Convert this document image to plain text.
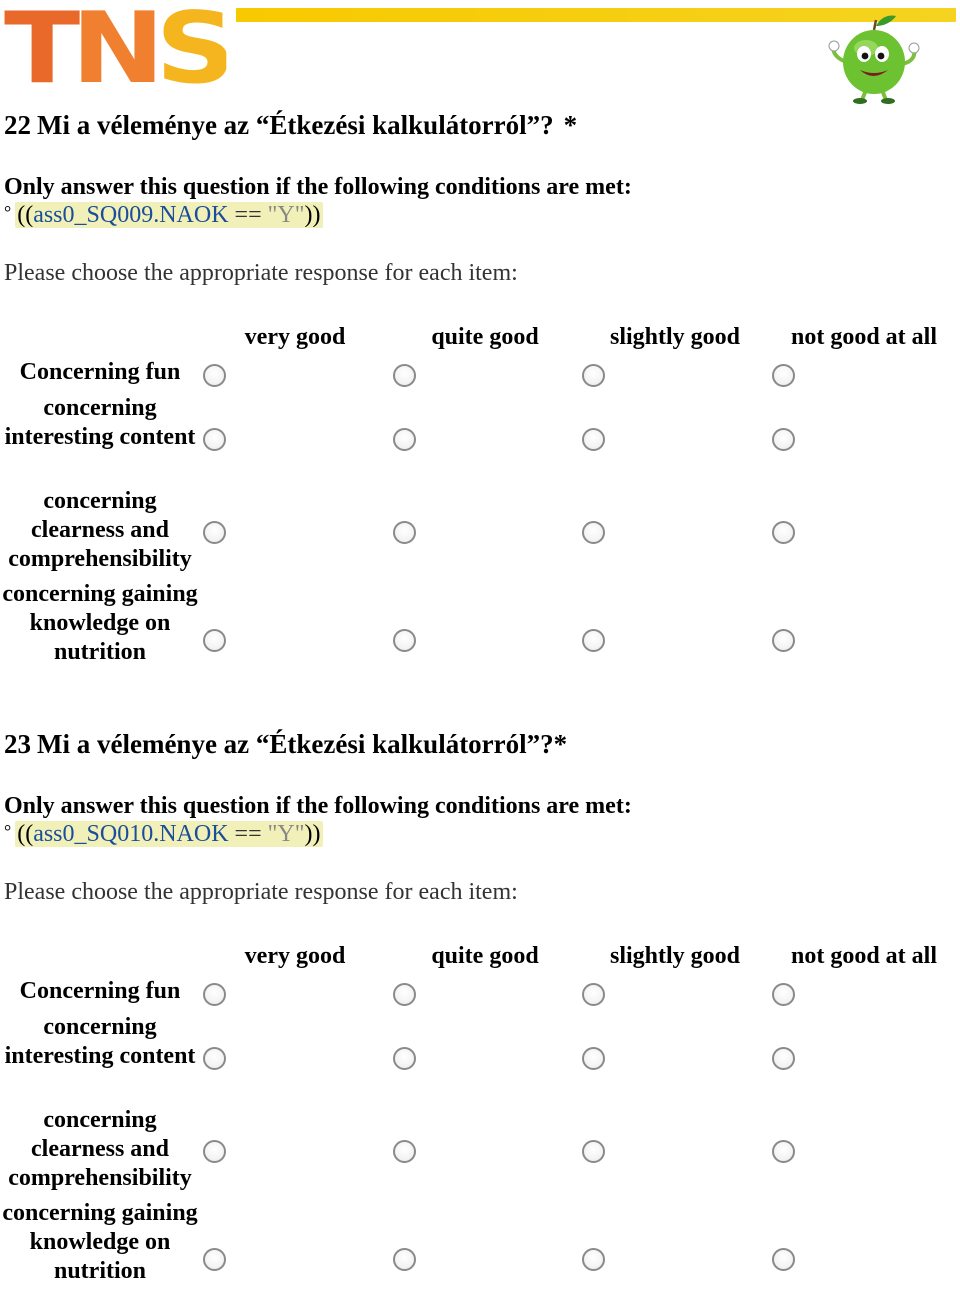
TNS
22 Mi a véleménye az “Étkezési kalkulátorról”? *
Only answer this question if the following conditions are met:
° ((ass0_SQ009.NAOK == "Y"))
Please choose the appropriate response for each item:
very good	quite good	slightly good	not good at all
Concerning fun
concerning interesting content
concerning clearness and comprehensibility
concerning gaining knowledge on nutrition
23 Mi a véleménye az “Étkezési kalkulátorról”?*
Only answer this question if the following conditions are met:
° ((ass0_SQ010.NAOK == "Y"))
Please choose the appropriate response for each item:
very good	quite good	slightly good	not good at all
Concerning fun
concerning interesting content
concerning clearness and comprehensibility
concerning gaining knowledge on nutrition
